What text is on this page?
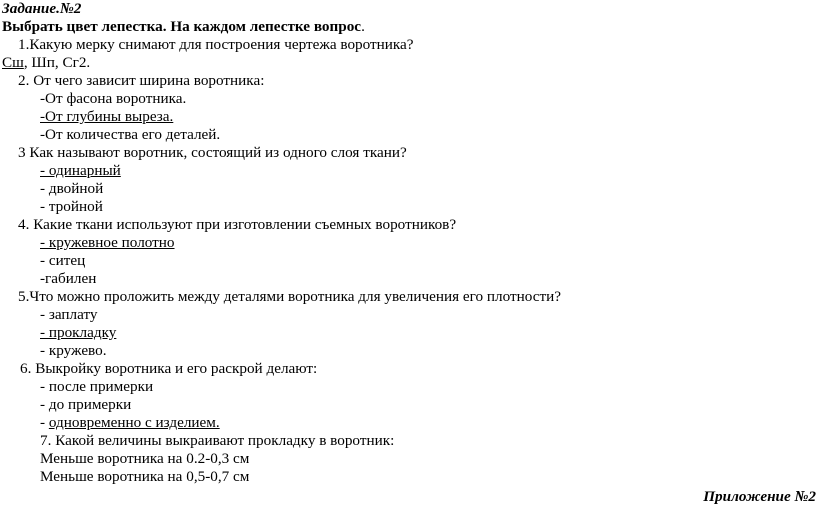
Задание.№2
Выбрать цвет лепестка. На каждом лепестке вопрос.
1.Какую мерку снимают для построения чертежа воротника?
Сш, Шп, Сг2.
2. От чего зависит ширина воротника:
-От фасона воротника.
-От глубины выреза.
-От количества его деталей.
3 Как называют воротник, состоящий из одного слоя ткани?
- одинарный
- двойной
- тройной
4. Какие ткани используют при изготовлении съемных воротников?
- кружевное полотно
- ситец
-габилен
5.Что можно проложить между деталями воротника для увеличения его плотности?
- заплату
- прокладку
- кружево.
6. Выкройку воротника и его раскрой делают:
- после примерки
- до примерки
- одновременно с изделием.
7. Какой величины выкраивают прокладку в воротник:
Меньше воротника на 0.2-0,3 см
Меньше воротника на 0,5-0,7 см
Приложение №2
